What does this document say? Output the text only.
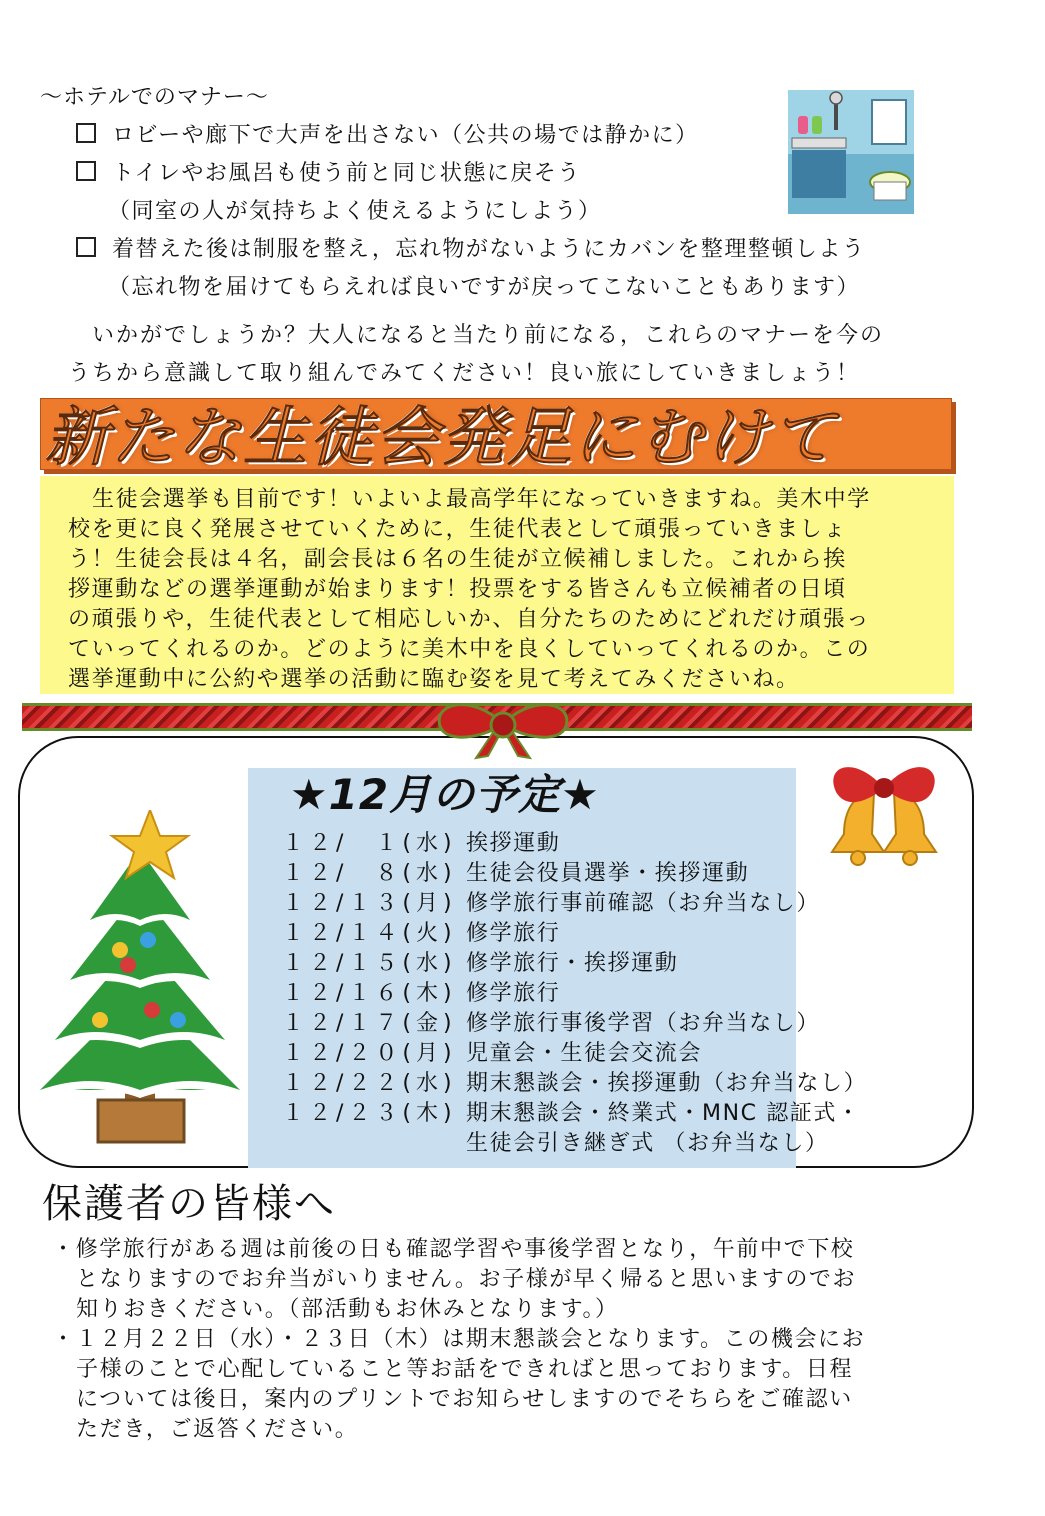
～ホテルでのマナー～
ロビーや廊下で大声を出さない（公共の場では静かに）
トイレやお風呂も使う前と同じ状態に戻そう
（同室の人が気持ちよく使えるようにしよう）
着替えた後は制服を整え，忘れ物がないようにカバンを整理整頓しよう
（忘れ物を届けてもらえれば良いですが戻ってこないこともあります）
いかがでしょうか？大人になると当たり前になる，これらのマナーを今の
うちから意識して取り組んでみてください！良い旅にしていきましょう！
新たな生徒会発足にむけて
生徒会選挙も目前です！いよいよ最高学年になっていきますね。美木中学
校を更に良く発展させていくために，生徒代表として頑張っていきましょ
う！生徒会長は４名，副会長は６名の生徒が立候補しました。これから挨
拶運動などの選挙運動が始まります！投票をする皆さんも立候補者の日頃
の頑張りや，生徒代表として相応しいか、自分たちのためにどれだけ頑張っ
ていってくれるのか。どのように美木中を良くしていってくれるのか。この
選挙運動中に公約や選挙の活動に臨む姿を見て考えてみくださいね。
★12月の予定★
１２/　１(水) 挨拶運動
１２/　８(水) 生徒会役員選挙・挨拶運動
１２/１３(月) 修学旅行事前確認（お弁当なし）
１２/１４(火) 修学旅行
１２/１５(水) 修学旅行・挨拶運動
１２/１６(木) 修学旅行
１２/１７(金) 修学旅行事後学習（お弁当なし）
１２/２０(月) 児童会・生徒会交流会
１２/２２(水) 期末懇談会・挨拶運動（お弁当なし）
１２/２３(木) 期末懇談会・終業式・MNC 認証式・
生徒会引き継ぎ式 （お弁当なし）
保護者の皆様へ
・修学旅行がある週は前後の日も確認学習や事後学習となり，午前中で下校
となりますのでお弁当がいりません。お子様が早く帰ると思いますのでお
知りおきください。（部活動もお休みとなります。）
・１２月２２日（水）・２３日（木）は期末懇談会となります。この機会にお
子様のことで心配していること等お話をできればと思っております。日程
については後日，案内のプリントでお知らせしますのでそちらをご確認い
ただき，ご返答ください。
